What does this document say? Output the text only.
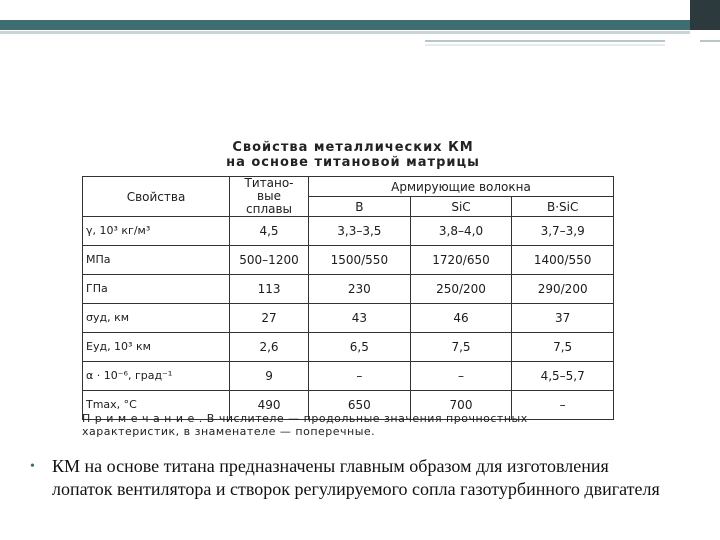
Свойства металлических КМ
на основе титановой матрицы
Свойства	Титано-вые сплавы	Армирующие волокна		
		B	SiC	B·SiC
γ, 10³ кг/м³	4,5	3,3–3,5	3,8–4,0	3,7–3,9
МПа	500–1200	1500/550	1720/650	1400/550
ГПа	113	230	250/200	290/200
σуд, км	27	43	46	37
Eуд, 10³ км	2,6	6,5	7,5	7,5
α · 10⁻⁶, град⁻¹	9	–	–	4,5–5,7
Tmax, °C	490	650	700	–
П р и м е ч а н и е . В числителе — продольные значения прочностных характеристик, в знаменателе — поперечные.
• КМ на основе титана предназначены главным образом для изготовления лопаток вентилятора и створок регулируемого сопла газотурбинного двигателя
